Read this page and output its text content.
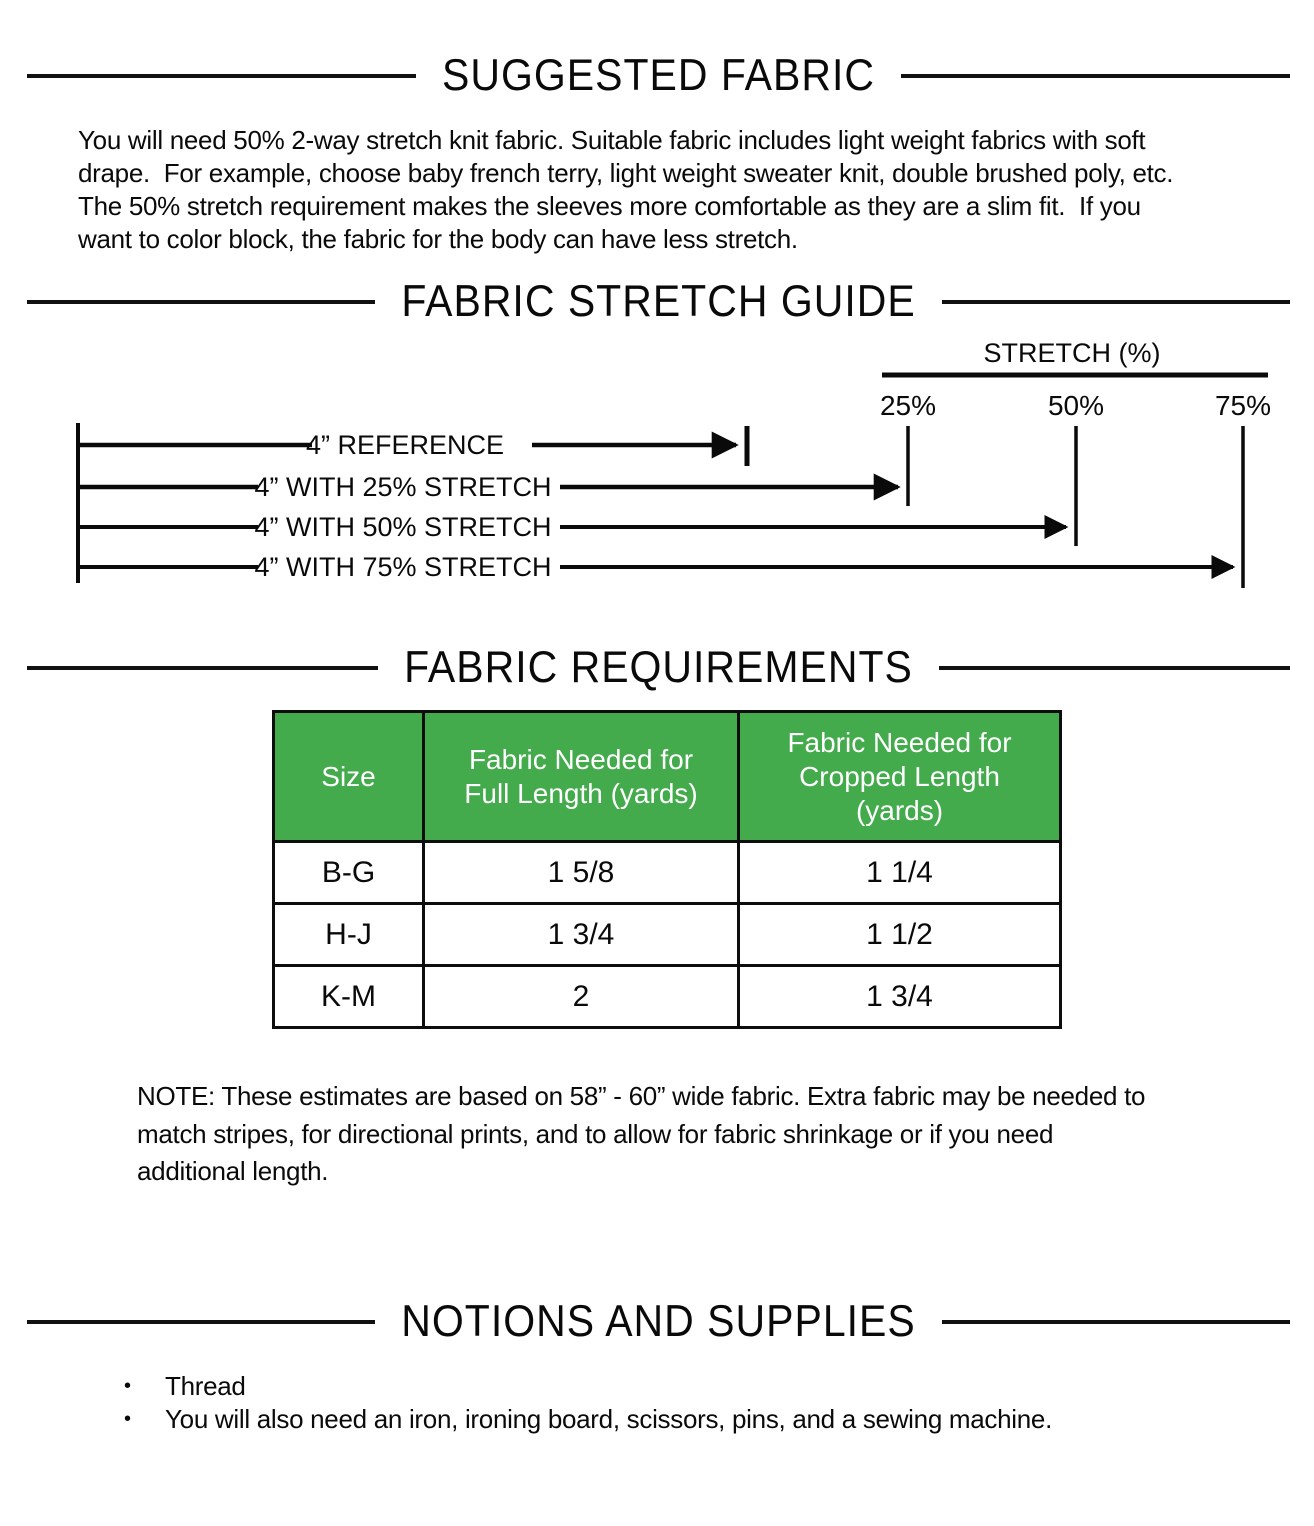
SUGGESTED FABRIC

You will need 50% 2-way stretch knit fabric. Suitable fabric includes light weight fabrics with soft drape.  For example, choose baby french terry, light weight sweater knit, double brushed poly, etc.  The 50% stretch requirement makes the sleeves more comfortable as they are a slim fit.  If you want to color block, the fabric for the body can have less stretch.

FABRIC STRETCH GUIDE
STRETCH (%)
25%	50%	75%
4” REFERENCE
4” WITH 25% STRETCH
4” WITH 50% STRETCH
4” WITH 75% STRETCH
FABRIC REQUIREMENTS
Size	Fabric Needed for Full Length (yards)	Fabric Needed for Cropped Length (yards)
B-G	1 5/8	1 1/4
H-J	1 3/4	1 1/2
K-M	2	1 3/4

NOTE: These estimates are based on 58” - 60” wide fabric. Extra fabric may be needed to match stripes, for directional prints, and to allow for fabric shrinkage or if you need additional length.

NOTIONS AND SUPPLIES
•	Thread
•	You will also need an iron, ironing board, scissors, pins, and a sewing machine.
